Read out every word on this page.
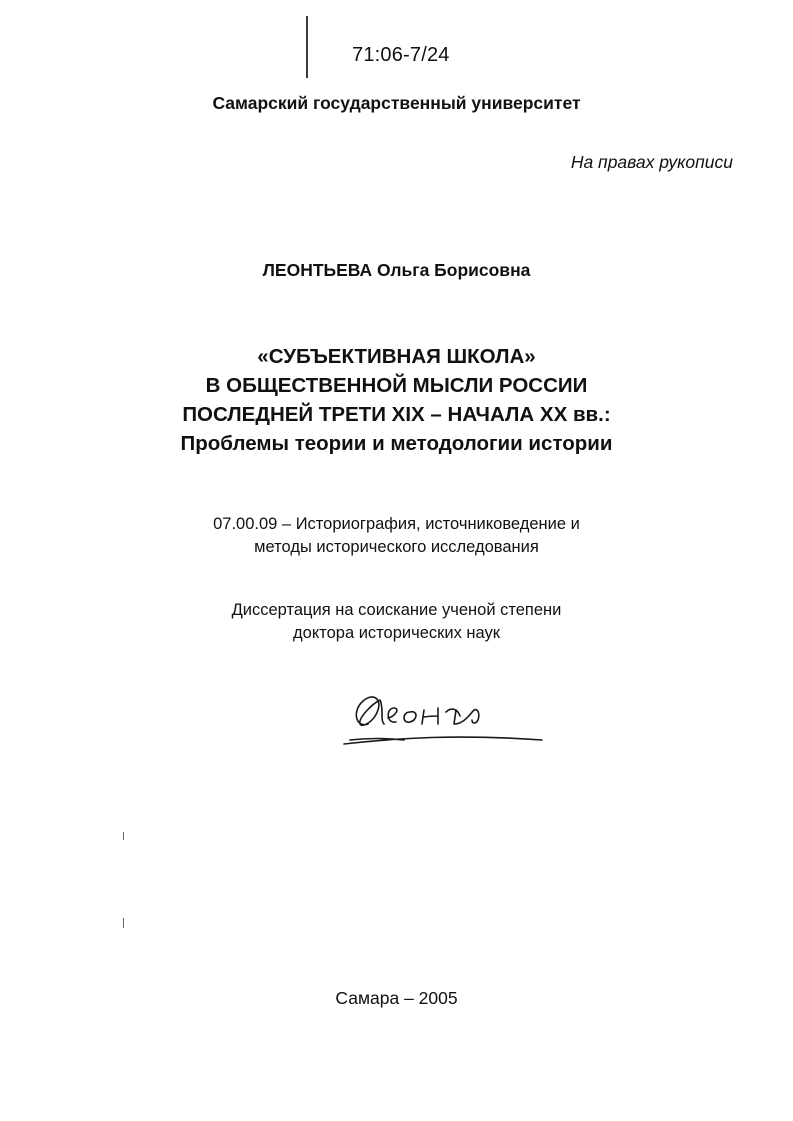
71:06-7/24
Самарский государственный университет
На правах рукописи
ЛЕОНТЬЕВА Ольга Борисовна
«СУБЪЕКТИВНАЯ ШКОЛА»
В ОБЩЕСТВЕННОЙ МЫСЛИ РОССИИ
ПОСЛЕДНЕЙ ТРЕТИ XIX – НАЧАЛА XX вв.:
Проблемы теории и методологии истории
07.00.09 – Историография, источниковедение и
методы исторического исследования
Диссертация на соискание ученой степени
доктора исторических наук
Самара – 2005
